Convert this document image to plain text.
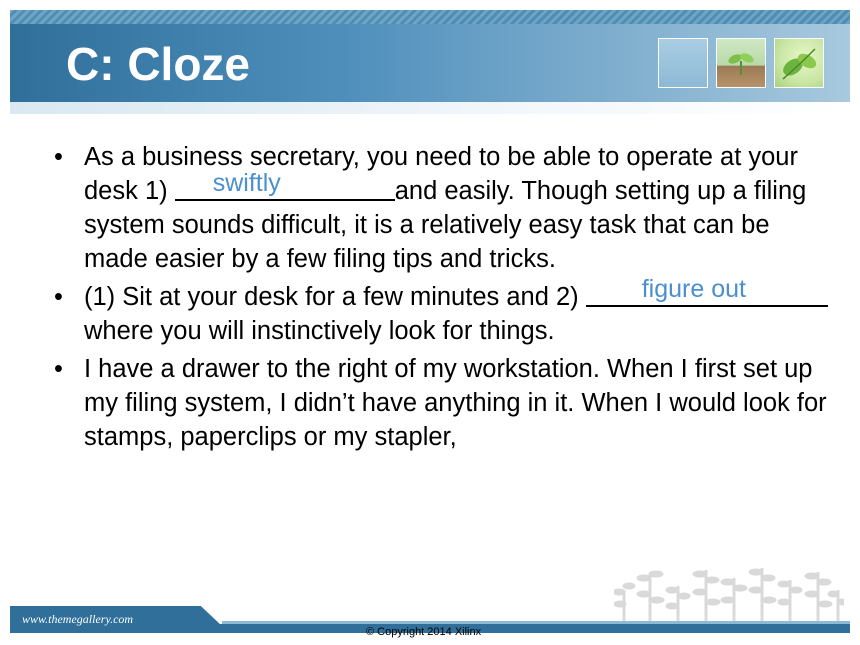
C: Cloze
• As a business secretary, you need to be able to operate at your desk 1) swiftly	and easily. Though setting up a filing system sounds difficult, it is a relatively easy task that can be made easier by a few filing tips and tricks.
• (1) Sit at your desk for a few minutes and 2) figure out
where you will instinctively look for things.
• I have a drawer to the right of my workstation. When I first set up my filing system, I didn’t have anything in it. When I would look for stamps, paperclips or my stapler,
www.themegallery.com
© Copyright 2014 Xilinx
